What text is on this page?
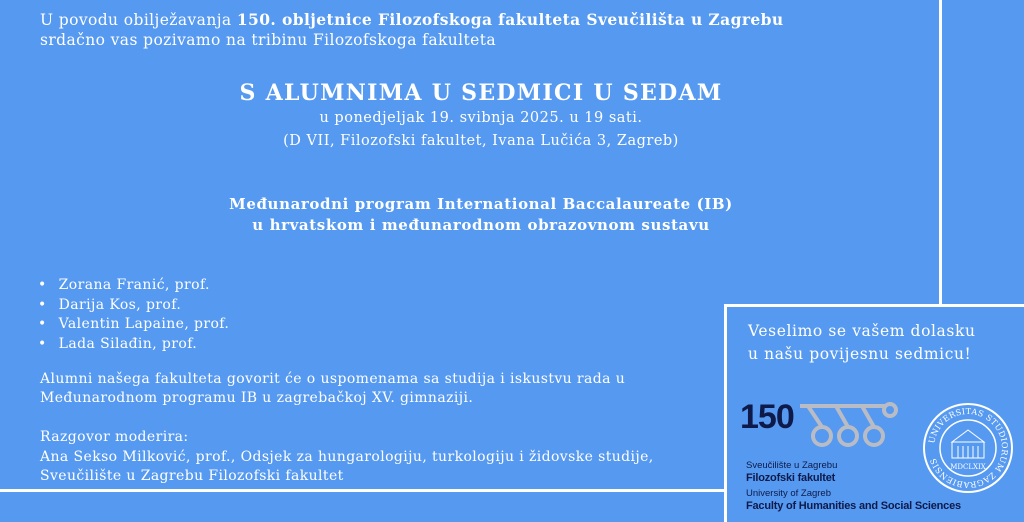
U povodu obilježavanja 150. obljetnice Filozofskoga fakulteta Sveučilišta u Zagrebu
srdačno vas pozivamo na tribinu Filozofskoga fakulteta
S ALUMNIMA U SEDMICI U SEDAM
u ponedjeljak 19. svibnja 2025. u 19 sati.
(D VII, Filozofski fakultet, Ivana Lučića 3, Zagreb)
Međunarodni program International Baccalaureate (IB)
u hrvatskom i međunarodnom obrazovnom sustavu
• Zorana Franić, prof.
• Darija Kos, prof.
• Valentin Lapaine, prof.
• Lada Silađin, prof.
Alumni našega fakulteta govorit će o uspomenama sa studija i iskustvu rada u
Međunarodnom programu IB u zagrebačkoj XV. gimnaziji.
Razgovor moderira:
Ana Sekso Milković, prof., Odsjek za hungarologiju, turkologiju i židovske studije,
Sveučilište u Zagrebu Filozofski fakultet
Veselimo se vašem dolasku
u našu povijesnu sedmicu!
150
Sveučilište u Zagrebu
Filozofski fakultet
University of Zagreb
Faculty of Humanities and Social Sciences
UNIVERSITAS STUDIORUM ZAGRABIENSIS
MDCLXIX
